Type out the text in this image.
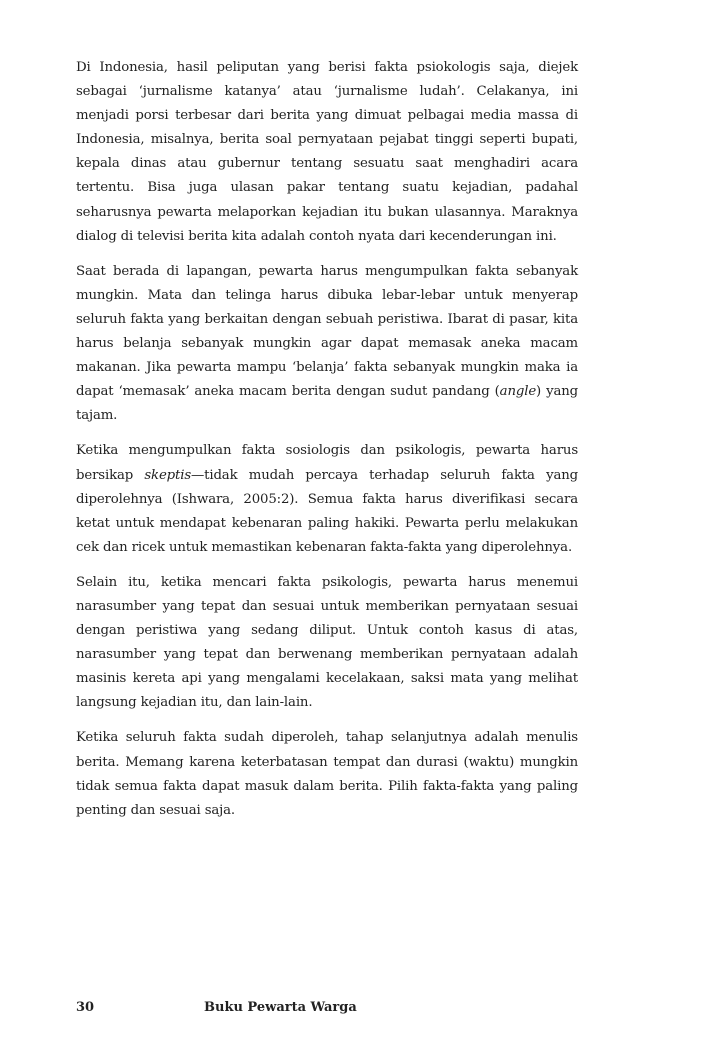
Di Indonesia, hasil peliputan yang berisi fakta psiokologis saja, diejek sebagai ‘jurnalisme katanya’ atau ‘jurnalisme ludah’. Celakanya, ini menjadi porsi terbesar dari berita yang dimuat pelbagai media massa di Indonesia, misalnya, berita soal pernyataan pejabat tinggi seperti bupati, kepala dinas atau gubernur tentang sesuatu saat menghadiri acara tertentu. Bisa juga ulasan pakar tentang suatu kejadian, padahal seharusnya pewarta melaporkan kejadian itu bukan ulasannya. Maraknya dialog di televisi berita kita adalah contoh nyata dari kecenderungan ini.

Saat berada di lapangan, pewarta harus mengumpulkan fakta sebanyak mungkin. Mata dan telinga harus dibuka lebar-lebar untuk menyerap seluruh fakta yang berkaitan dengan sebuah peristiwa. Ibarat di pasar, kita harus belanja sebanyak mungkin agar dapat memasak aneka macam makanan. Jika pewarta mampu ‘belanja’ fakta sebanyak mungkin maka ia dapat ‘memasak’ aneka macam berita dengan sudut pandang (angle) yang tajam.

Ketika mengumpulkan fakta sosiologis dan psikologis, pewarta harus bersikap skeptis—tidak mudah percaya terhadap seluruh fakta yang diperolehnya (Ishwara, 2005:2). Semua fakta harus diverifikasi secara ketat untuk mendapat kebenaran paling hakiki. Pewarta perlu melakukan cek dan ricek untuk memastikan kebenaran fakta-fakta yang diperolehnya.

Selain itu, ketika mencari fakta psikologis, pewarta harus menemui narasumber yang tepat dan sesuai untuk memberikan pernyataan sesuai dengan peristiwa yang sedang diliput. Untuk contoh kasus di atas, narasumber yang tepat dan berwenang memberikan pernyataan adalah masinis kereta api yang mengalami kecelakaan, saksi mata yang melihat langsung kejadian itu, dan lain-lain.

Ketika seluruh fakta sudah diperoleh, tahap selanjutnya adalah menulis berita. Memang karena keterbatasan tempat dan durasi (waktu) mungkin tidak semua fakta dapat masuk dalam berita. Pilih fakta-fakta yang paling penting dan sesuai saja.

30	Buku Pewarta Warga
